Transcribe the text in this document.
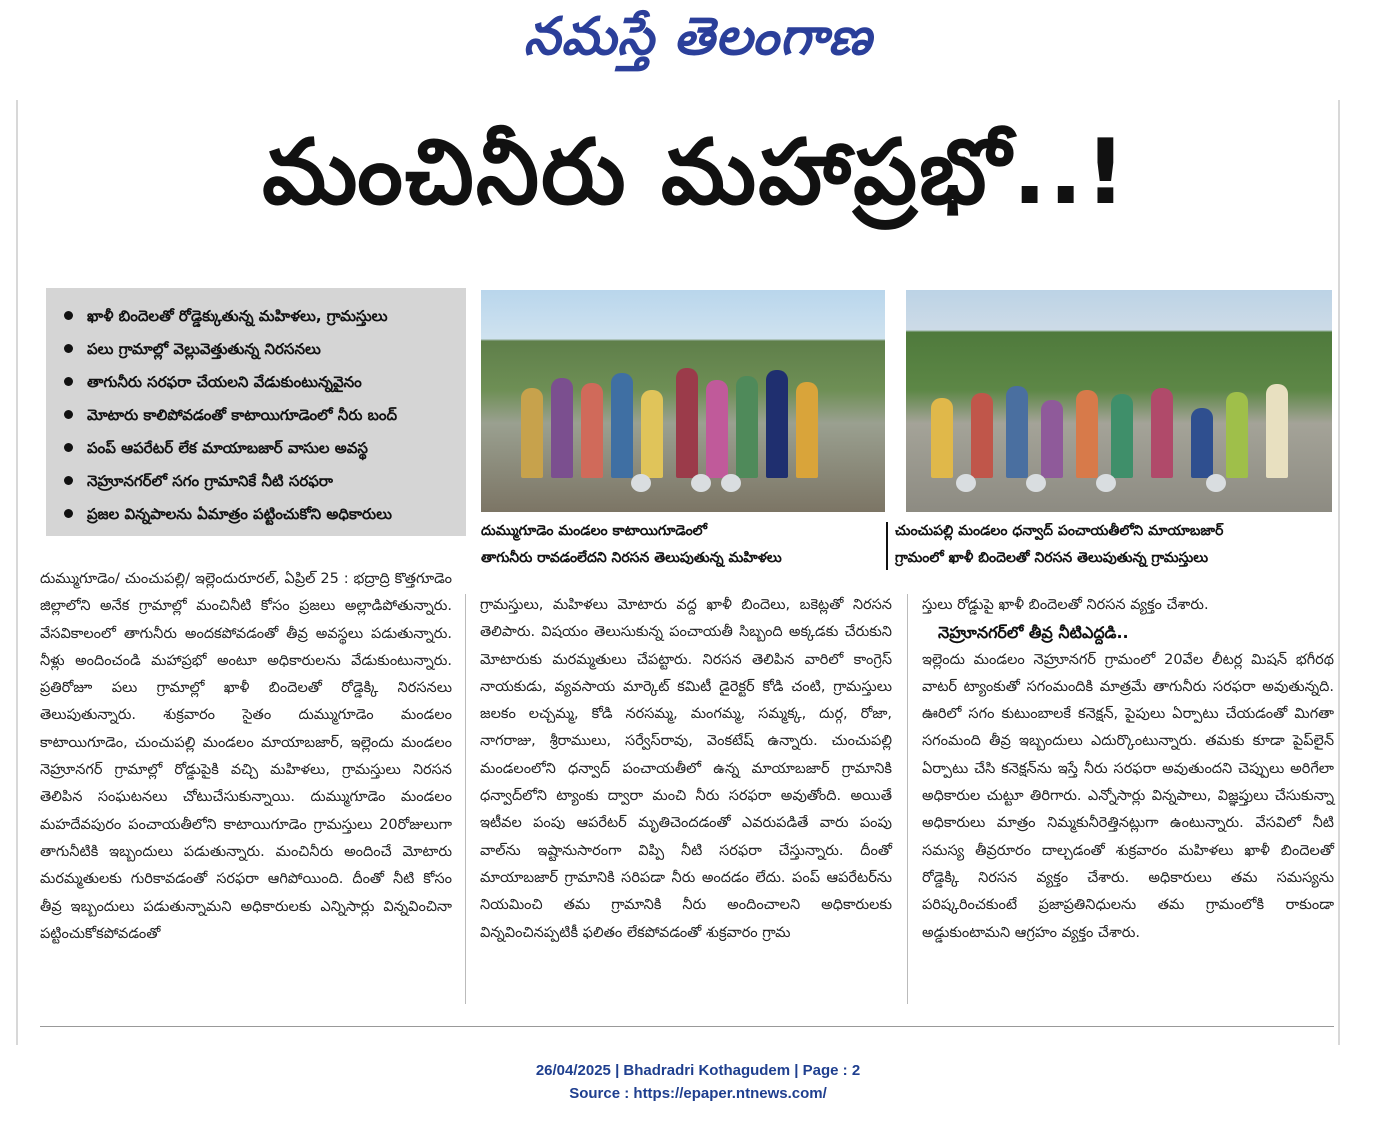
నమస్తే తెలంగాణ
మంచినీరు మహాప్రభో..!
ఖాళీ బిందెలతో రోడ్డెక్కుతున్న మహిళలు, గ్రామస్తులు
పలు గ్రామాల్లో వెల్లువెత్తుతున్న నిరసనలు
తాగునీరు సరఫరా చేయలని వేడుకుంటున్నవైనం
మోటారు కాలిపోవడంతో కాటాయిగూడెంలో నీరు బంద్
పంప్ ఆపరేటర్ లేక మాయాబజార్ వాసుల అవస్థ
నెహ్రూనగర్‌లో సగం గ్రామానికే నీటి సరఫరా
ప్రజల విన్నపాలను ఏమాత్రం పట్టించుకోని అధికారులు
దుమ్ముగూడెం మండలం కాటాయిగూడెంలో
తాగునీరు రావడంలేదని నిరసన తెలుపుతున్న మహిళలు
చుంచుపల్లి మండలం ధన్వాద్ పంచాయతీలోని మాయాబజార్
గ్రామంలో ఖాళీ బిందెలతో నిరసన తెలుపుతున్న గ్రామస్తులు
దుమ్ముగూడెం/ చుంచుపల్లి/ ఇల్లెందురూరల్, ఏప్రిల్ 25 : భద్రాద్రి కొత్తగూడెం జిల్లాలోని అనేక గ్రామాల్లో మంచినీటి కోసం ప్రజలు అల్లాడిపోతున్నారు. వేసవికాలంలో తాగునీరు అందకపోవడంతో తీవ్ర అవస్థలు పడుతున్నారు. నీళ్లు అందించండి మహాప్రభో అంటూ అధికారులను వేడుకుంటున్నారు. ప్రతిరోజూ పలు గ్రామాల్లో ఖాళీ బిందెలతో రోడ్డెక్కి నిరసనలు తెలుపుతున్నారు. శుక్రవారం సైతం దుమ్ముగూడెం మండలం కాటాయిగూడెం, చుంచుపల్లి మండలం మాయాబజార్, ఇల్లెందు మండలం నెహ్రూనగర్ గ్రామాల్లో రోడ్డుపైకి వచ్చి మహిళలు, గ్రామస్తులు నిరసన తెలిపిన సంఘటనలు చోటుచేసుకున్నాయి. దుమ్ముగూడెం మండలం మహదేవపురం పంచాయతీలోని కాటాయిగూడెం గ్రామస్తులు 20రోజులుగా తాగునీటికి ఇబ్బందులు పడుతున్నారు. మంచినీరు అందించే మోటారు మరమ్మతులకు గురికావడంతో సరఫరా ఆగిపోయింది. దీంతో నీటి కోసం తీవ్ర ఇబ్బందులు పడుతున్నామని అధికారులకు ఎన్నిసార్లు విన్నవించినా పట్టించుకోకపోవడంతో
గ్రామస్తులు, మహిళలు మోటారు వద్ద ఖాళీ బిందెలు, బకెట్లతో నిరసన తెలిపారు. విషయం తెలుసుకున్న పంచాయతీ సిబ్బంది అక్కడకు చేరుకుని మోటారుకు మరమ్మతులు చేపట్టారు. నిరసన తెలిపిన వారిలో కాంగ్రెస్ నాయకుడు, వ్యవసాయ మార్కెట్ కమిటీ డైరెక్టర్ కోడి చంటి, గ్రామస్తులు జలకం లచ్చమ్మ, కోడి నరసమ్మ, మంగమ్మ, సమ్మక్క, దుర్గ, రోజా, నాగరాజు, శ్రీరాములు, సర్వేస్‌రావు, వెంకటేష్ ఉన్నారు. చుంచుపల్లి మండలంలోని ధన్వాద్ పంచాయతీలో ఉన్న మాయాబజార్ గ్రామానికి ధన్వాద్‌లోని ట్యాంకు ద్వారా మంచి నీరు సరఫరా అవుతోంది. అయితే ఇటీవల పంపు ఆపరేటర్ మృతిచెందడంతో ఎవరుపడితే వారు పంపు వాల్‌ను ఇష్టానుసారంగా విప్పి నీటి సరఫరా చేస్తున్నారు. దీంతో మాయాబజార్ గ్రామానికి సరిపడా నీరు అందడం లేదు. పంప్ ఆపరేటర్‌ను నియమించి తమ గ్రామానికి నీరు అందించాలని అధికారులకు విన్నవించినప్పటికీ ఫలితం లేకపోవడంతో శుక్రవారం గ్రామ
స్తులు రోడ్డుపై ఖాళీ బిందెలతో నిరసన వ్యక్తం చేశారు.
నెహ్రూనగర్‌లో తీవ్ర నీటిఎద్దడి..
ఇల్లెందు మండలం నెహ్రూనగర్ గ్రామంలో 20వేల లీటర్ల మిషన్ భగీరథ వాటర్ ట్యాంకుతో సగంమందికి మాత్రమే తాగునీరు సరఫరా అవుతున్నది. ఊరిలో సగం కుటుంబాలకే కనెక్షన్, పైపులు ఏర్పాటు చేయడంతో మిగతా సగంమంది తీవ్ర ఇబ్బందులు ఎదుర్కొంటున్నారు. తమకు కూడా పైప్‌లైన్ ఏర్పాటు చేసి కనెక్షన్‌ను ఇస్తే నీరు సరఫరా అవుతుందని చెప్పులు అరిగేలా అధికారుల చుట్టూ తిరిగారు. ఎన్నోసార్లు విన్నపాలు, విజ్ఞప్తులు చేసుకున్నా అధికారులు మాత్రం నిమ్మకునీరెత్తినట్లుగా ఉంటున్నారు. వేసవిలో నీటి సమస్య తీవ్రరూరం దాల్చడంతో శుక్రవారం మహిళలు ఖాళీ బిందెలతో రోడ్డెక్కి నిరసన వ్యక్తం చేశారు. అధికారులు తమ సమస్యను పరిష్కరించకుంటే ప్రజాప్రతినిధులను తమ గ్రామంలోకి రాకుండా అడ్డుకుంటామని ఆగ్రహం వ్యక్తం చేశారు.
26/04/2025 | Bhadradri Kothagudem | Page : 2
Source : https://epaper.ntnews.com/
